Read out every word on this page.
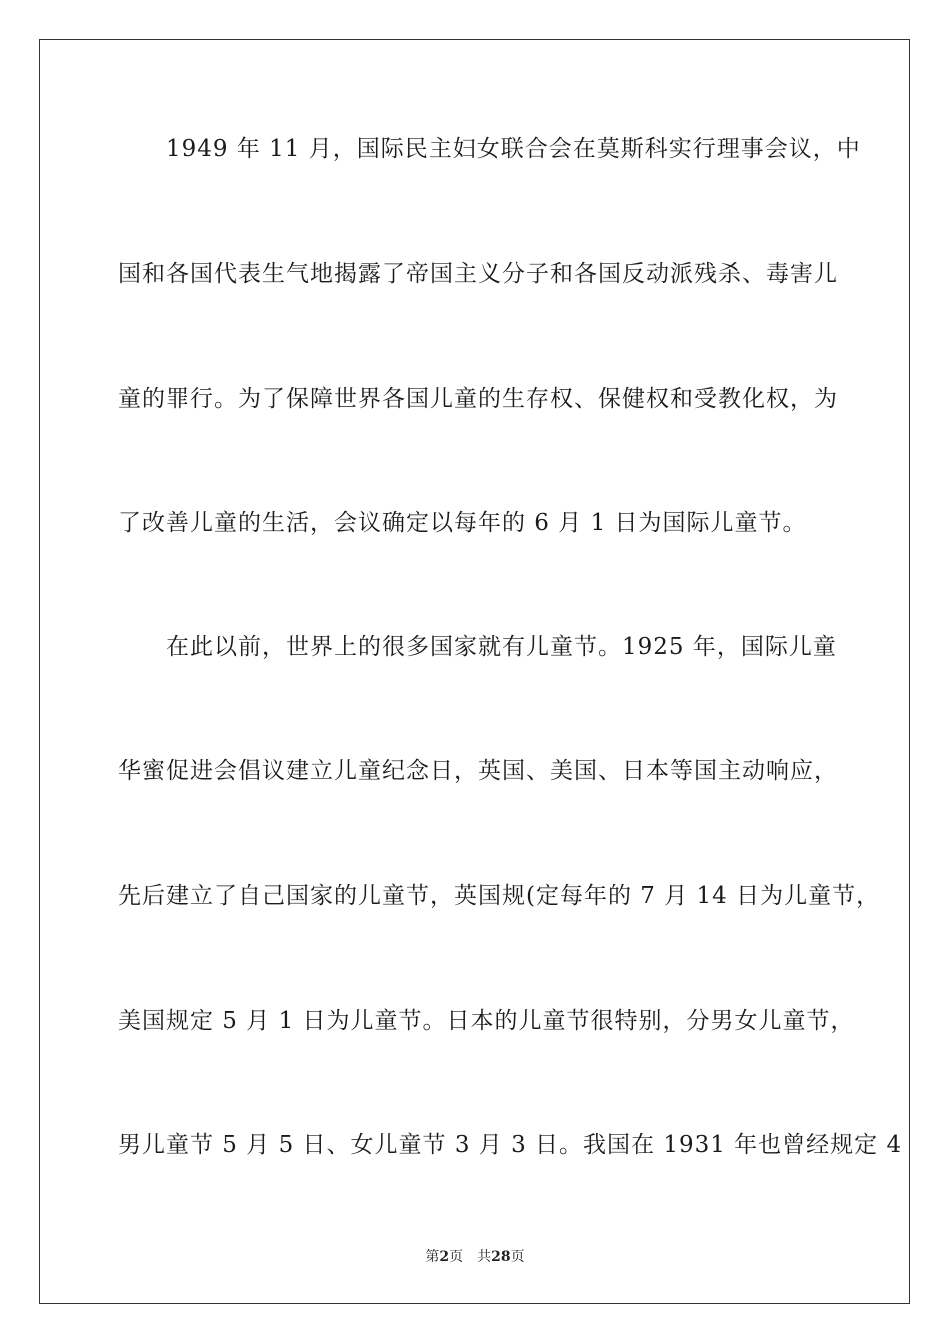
1949 年 11 月，国际民主妇女联合会在莫斯科实行理事会议，中
国和各国代表生气地揭露了帝国主义分子和各国反动派残杀、毒害儿
童的罪行。为了保障世界各国儿童的生存权、保健权和受教化权，为
了改善儿童的生活，会议确定以每年的 6 月 1 日为国际儿童节。
在此以前，世界上的很多国家就有儿童节。1925 年，国际儿童
华蜜促进会倡议建立儿童纪念日，英国、美国、日本等国主动响应，
先后建立了自己国家的儿童节，英国规(定每年的 7 月 14 日为儿童节，
美国规定 5 月 1 日为儿童节。日本的儿童节很特别，分男女儿童节，
男儿童节 5 月 5 日、女儿童节 3 月 3 日。我国在 1931 年也曾经规定 4
第2页 共28页
